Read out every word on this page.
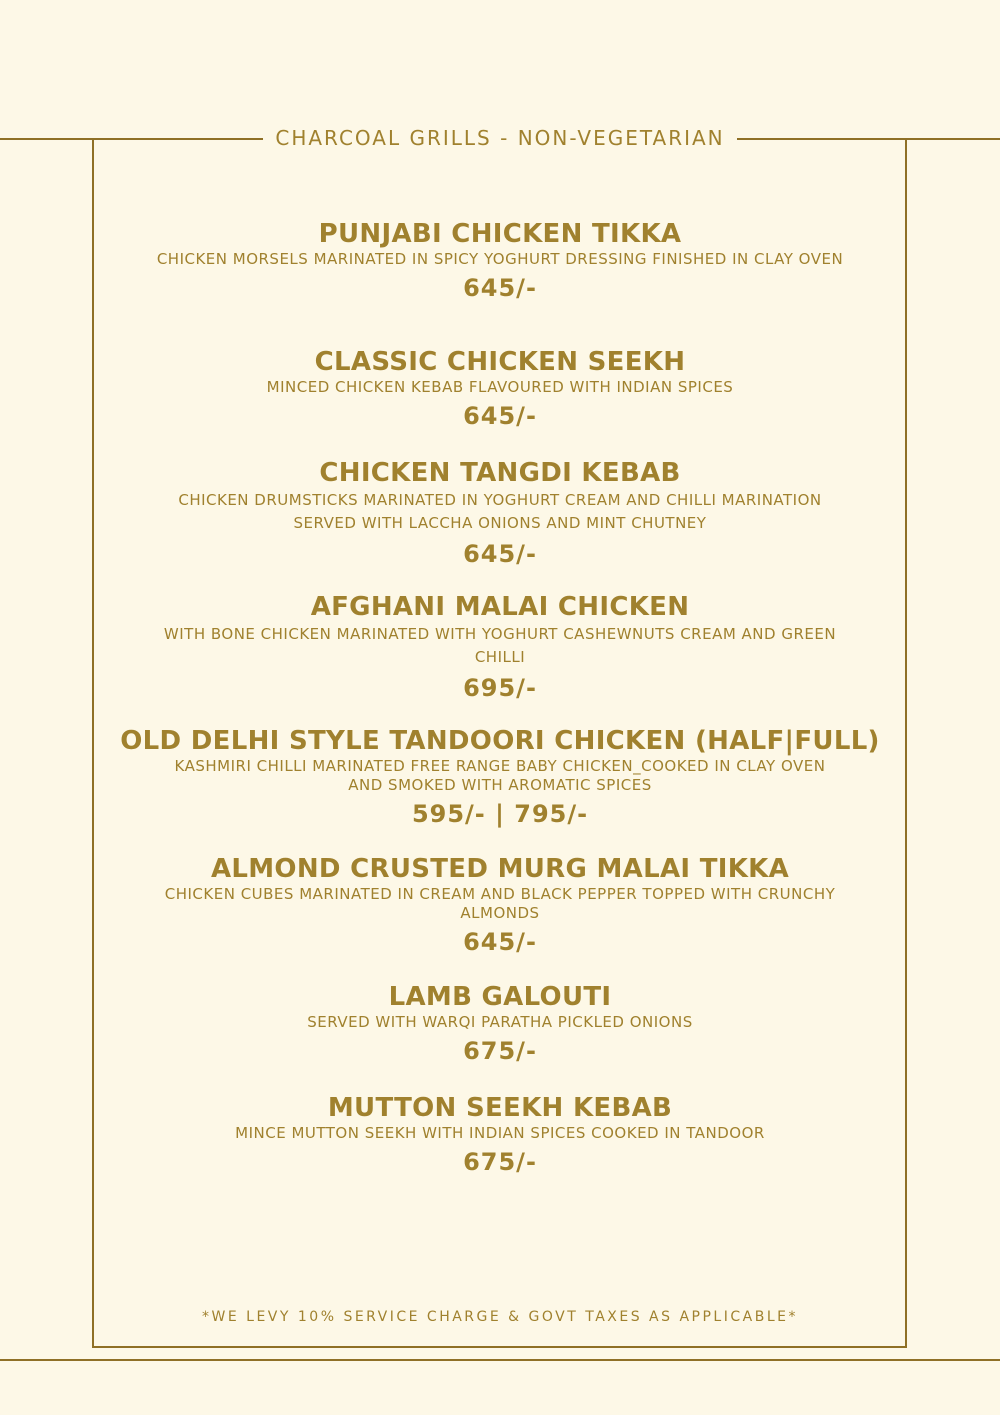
CHARCOAL GRILLS - NON-VEGETARIAN
PUNJABI CHICKEN TIKKA
CHICKEN MORSELS MARINATED IN SPICY YOGHURT DRESSING FINISHED IN CLAY OVEN
645/-
CLASSIC CHICKEN SEEKH
MINCED CHICKEN KEBAB FLAVOURED WITH INDIAN SPICES
645/-
CHICKEN TANGDI KEBAB
CHICKEN DRUMSTICKS MARINATED IN YOGHURT CREAM AND CHILLI MARINATION SERVED WITH LACCHA ONIONS AND MINT CHUTNEY
645/-
AFGHANI MALAI CHICKEN
WITH BONE CHICKEN MARINATED WITH YOGHURT CASHEWNUTS CREAM AND GREEN CHILLI
695/-
OLD DELHI STYLE TANDOORI CHICKEN (HALF|FULL)
KASHMIRI CHILLI MARINATED FREE RANGE BABY CHICKEN_COOKED IN CLAY OVEN AND SMOKED WITH AROMATIC SPICES
595/- | 795/-
ALMOND CRUSTED MURG MALAI TIKKA
CHICKEN CUBES MARINATED IN CREAM AND BLACK PEPPER TOPPED WITH CRUNCHY ALMONDS
645/-
LAMB GALOUTI
SERVED WITH WARQI PARATHA PICKLED ONIONS
675/-
MUTTON SEEKH KEBAB
MINCE MUTTON SEEKH WITH INDIAN SPICES COOKED IN TANDOOR
675/-
*WE LEVY 10% SERVICE CHARGE & GOVT TAXES AS APPLICABLE*
